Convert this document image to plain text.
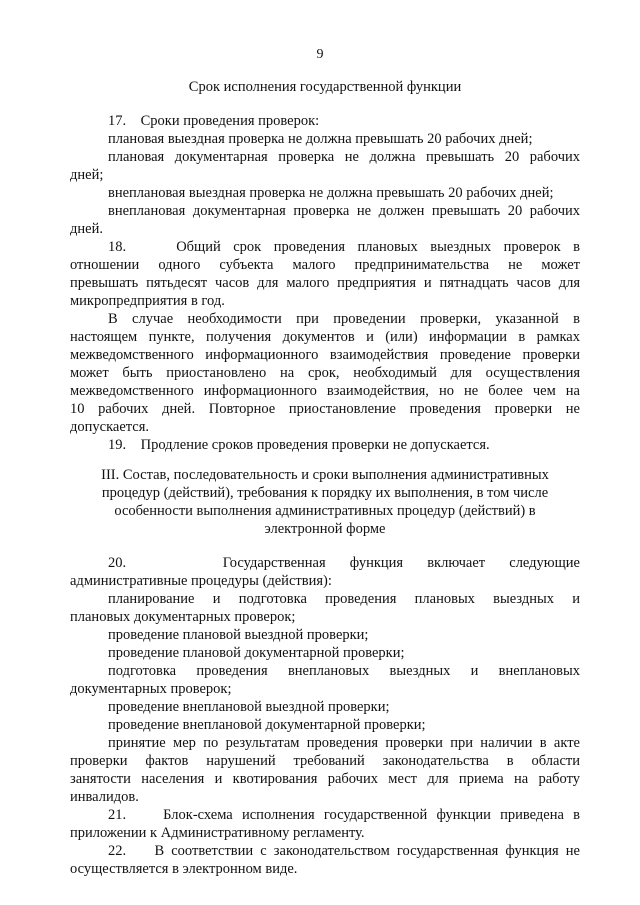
9
Срок исполнения государственной функции
17.    Сроки проведения проверок:
плановая выездная проверка не должна превышать 20 рабочих дней;
плановая документарная проверка не должна превышать 20 рабочих
дней;
внеплановая выездная проверка не должна превышать 20 рабочих дней;
внеплановая документарная проверка не должен превышать 20 рабочих
дней.
18.    Общий срок проведения плановых выездных проверок в
отношении одного субъекта малого предпринимательства не может
превышать пятьдесят часов для малого предприятия и пятнадцать часов для
микропредприятия в год.
В случае необходимости при проведении проверки, указанной в
настоящем пункте, получения документов и (или) информации в рамках
межведомственного информационного взаимодействия проведение проверки
может быть приостановлено на срок, необходимый для осуществления
межведомственного информационного взаимодействия, но не более чем на
10 рабочих дней. Повторное приостановление проведения проверки не
допускается.
19.    Продление сроков проведения проверки не допускается.
III. Состав, последовательность и сроки выполнения административных
процедур (действий), требования к порядку их выполнения, в том числе
особенности выполнения административных процедур (действий) в
электронной форме
20.    Государственная функция включает следующие
административные процедуры (действия):
планирование и подготовка проведения плановых выездных и
плановых документарных проверок;
проведение плановой выездной проверки;
проведение плановой документарной проверки;
подготовка проведения внеплановых выездных и внеплановых
документарных проверок;
проведение внеплановой выездной проверки;
проведение внеплановой документарной проверки;
принятие мер по результатам проведения проверки при наличии в акте
проверки фактов нарушений требований законодательства в области
занятости населения и квотирования рабочих мест для приема на работу
инвалидов.
21.    Блок-схема исполнения государственной функции приведена в
приложении к Административному регламенту.
22.    В соответствии с законодательством государственная функция не
осуществляется в электронном виде.
